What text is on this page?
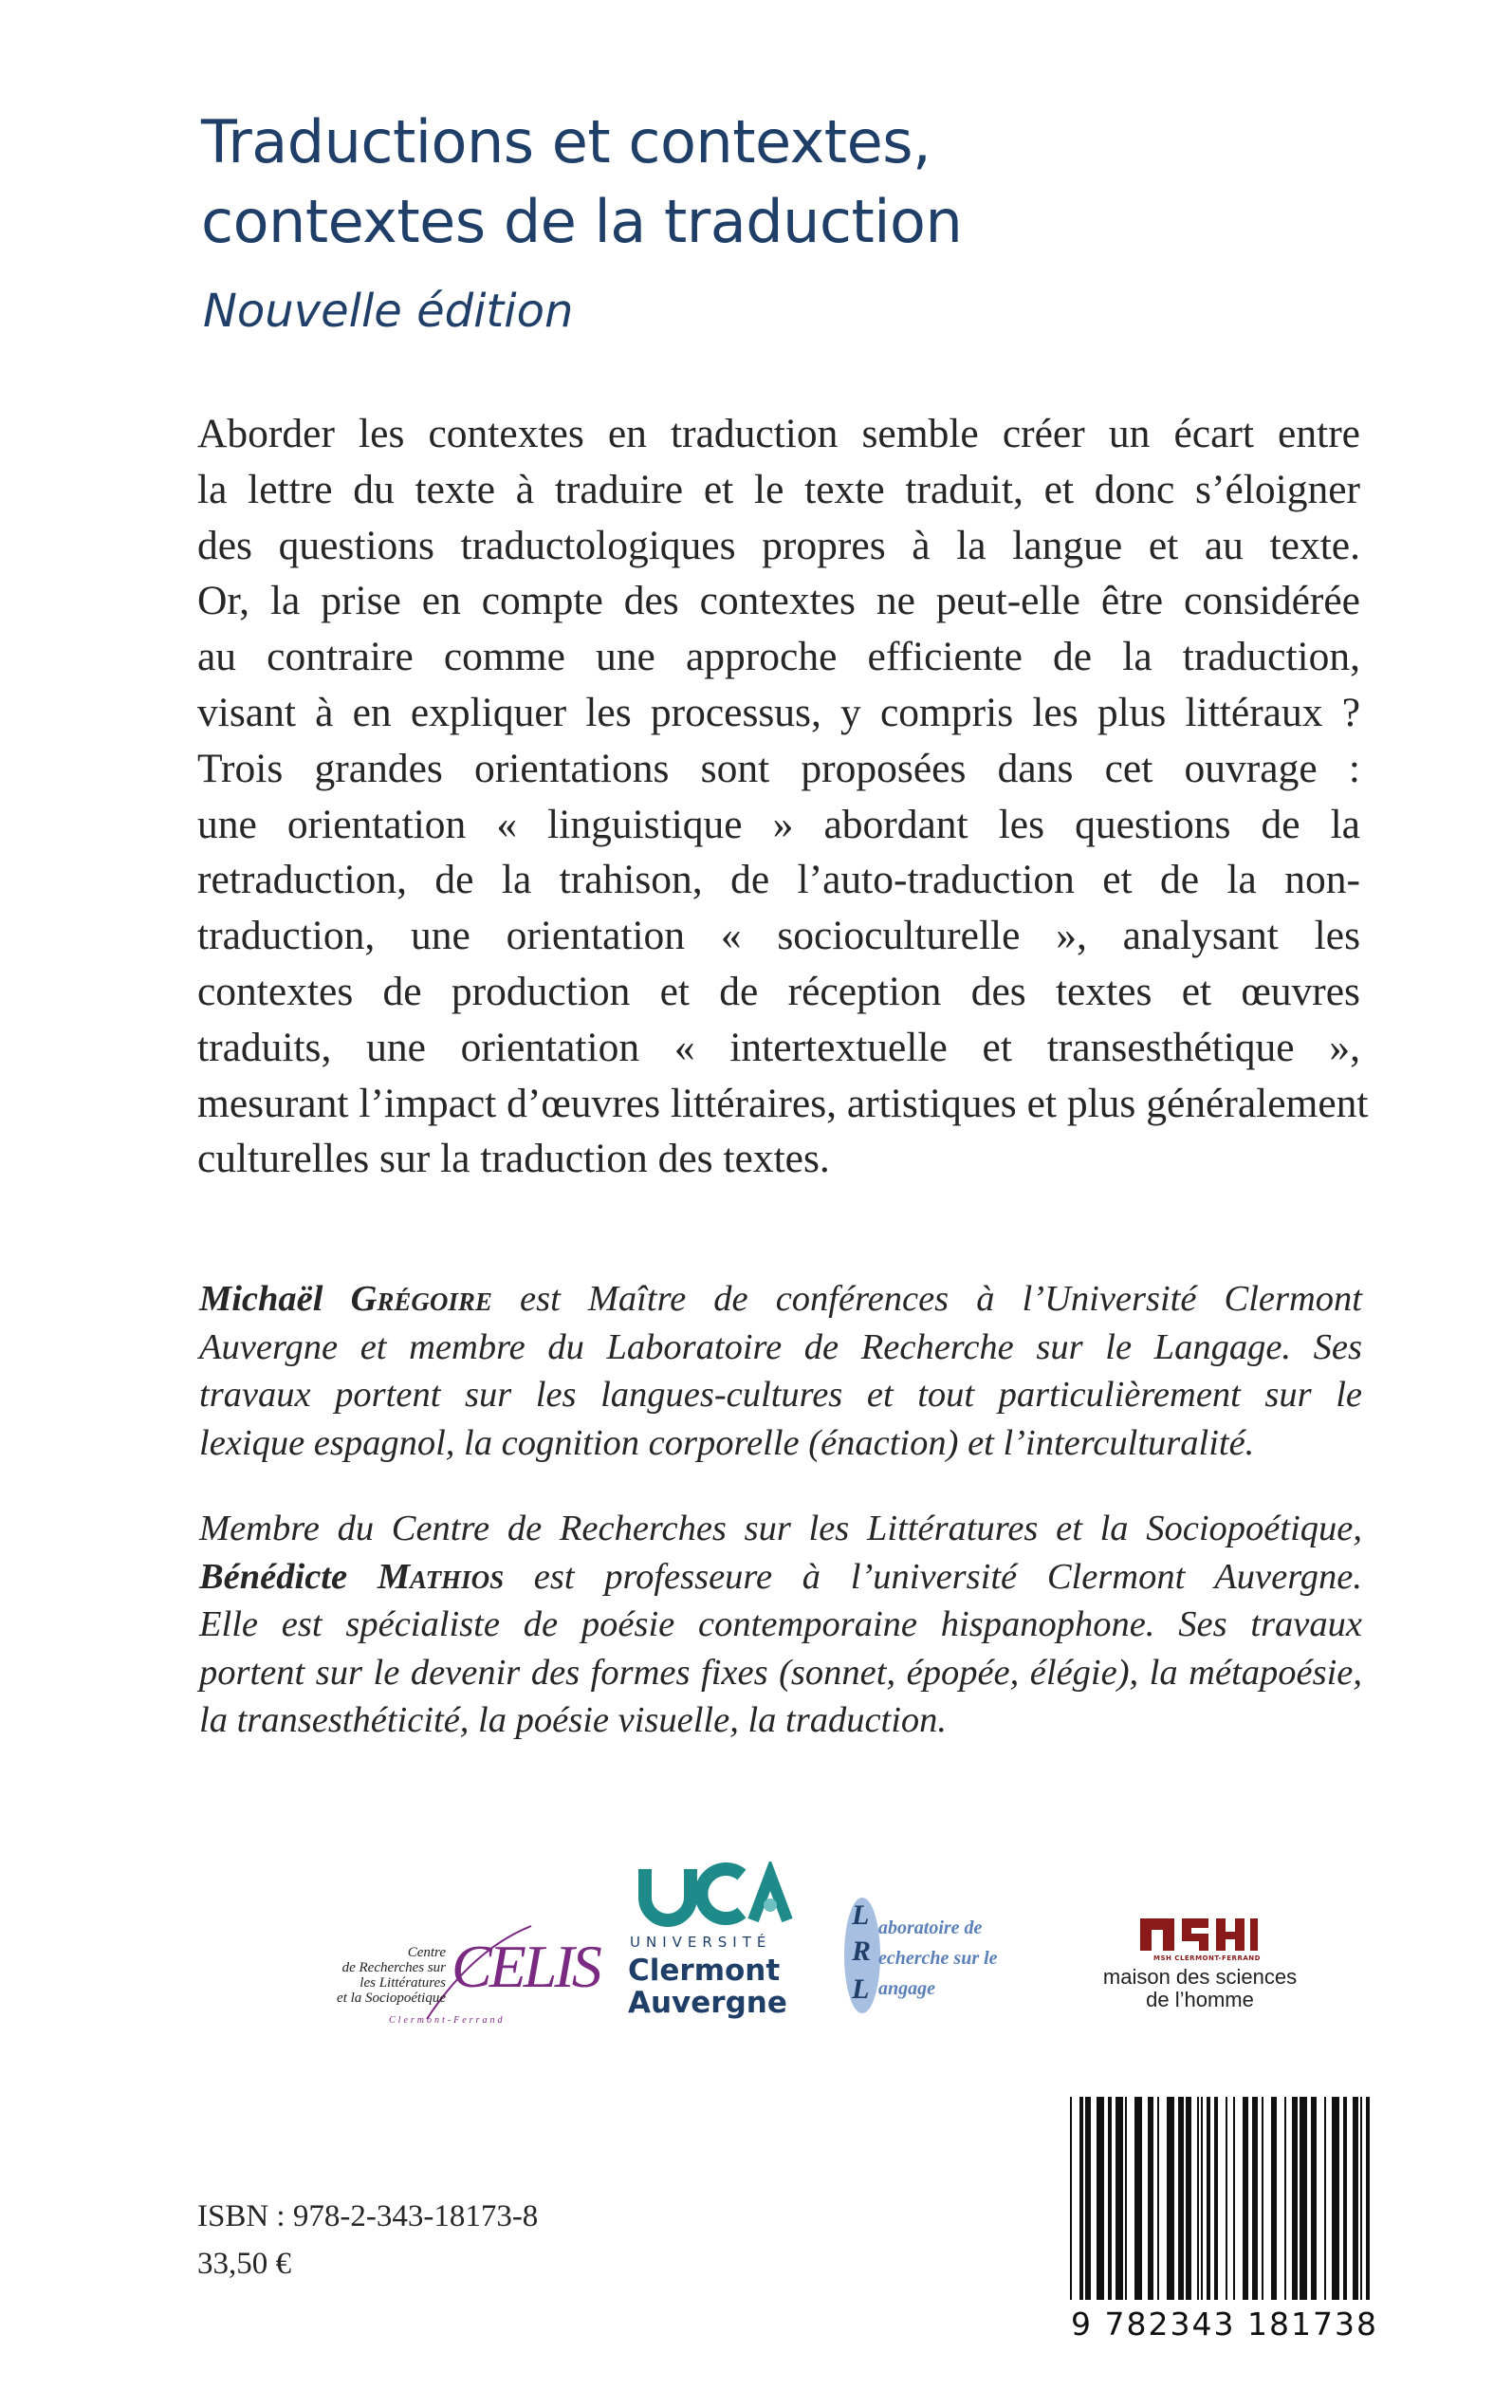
Traductions et contextes,
contextes de la traduction

Nouvelle édition

Aborder les contextes en traduction semble créer un écart entre
la lettre du texte à traduire et le texte traduit, et donc s’éloigner
des questions traductologiques propres à la langue et au texte.
Or, la prise en compte des contextes ne peut-elle être considérée
au contraire comme une approche efficiente de la traduction,
visant à en expliquer les processus, y compris les plus littéraux ?
Trois grandes orientations sont proposées dans cet ouvrage :
une orientation « linguistique » abordant les questions de la
retraduction, de la trahison, de l’auto-traduction et de la non-
traduction, une orientation « socioculturelle », analysant les
contextes de production et de réception des textes et œuvres
traduits, une orientation « intertextuelle et transesthétique »,
mesurant l’impact d’œuvres littéraires, artistiques et plus généralement
culturelles sur la traduction des textes.

Michaël Grégoire est Maître de conférences à l’Université Clermont
Auvergne et membre du Laboratoire de Recherche sur le Langage. Ses
travaux portent sur les langues-cultures et tout particulièrement sur le
lexique espagnol, la cognition corporelle (énaction) et l’interculturalité.

Membre du Centre de Recherches sur les Littératures et la Sociopoétique,
Bénédicte Mathios est professeure à l’université Clermont Auvergne.
Elle est spécialiste de poésie contemporaine hispanophone. Ses travaux
portent sur le devenir des formes fixes (sonnet, épopée, élégie), la métapoésie,
la transesthéticité, la poésie visuelle, la traduction.

Centre
de Recherches sur
les Littératures
et la Sociopoétique CELIS
Clermont-Ferrand
UNIVERSITÉ
Clermont
Auvergne
L
R
L
aboratoire de
echerche sur le
angage
MSH CLERMONT-FERRAND
maison des sciences
de l’homme

ISBN : 978-2-343-18173-8

33,50 €

9 782343 181738
